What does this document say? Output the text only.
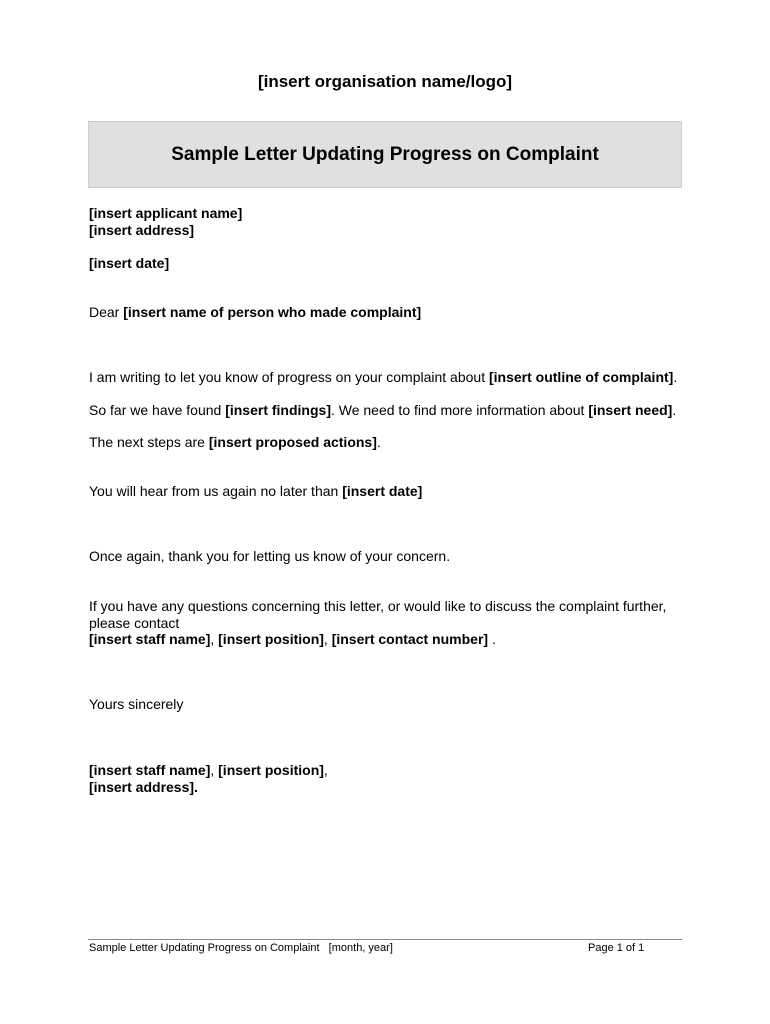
[insert organisation name/logo]
Sample Letter Updating Progress on Complaint
[insert applicant name]
[insert address]
[insert date]
Dear [insert name of person who made complaint]
I am writing to let you know of progress on your complaint about [insert outline of complaint].
So far we have found [insert findings]. We need to find more information about [insert need].
The next steps are [insert proposed actions].
You will hear from us again no later than [insert date]
Once again, thank you for letting us know of your concern.
If you have any questions concerning this letter, or would like to discuss the complaint further,
please contact
[insert staff name], [insert position], [insert contact number] .
Yours sincerely
[insert staff name], [insert position],
[insert address].
Sample Letter Updating Progress on Complaint   [month, year]	Page 1 of 1
